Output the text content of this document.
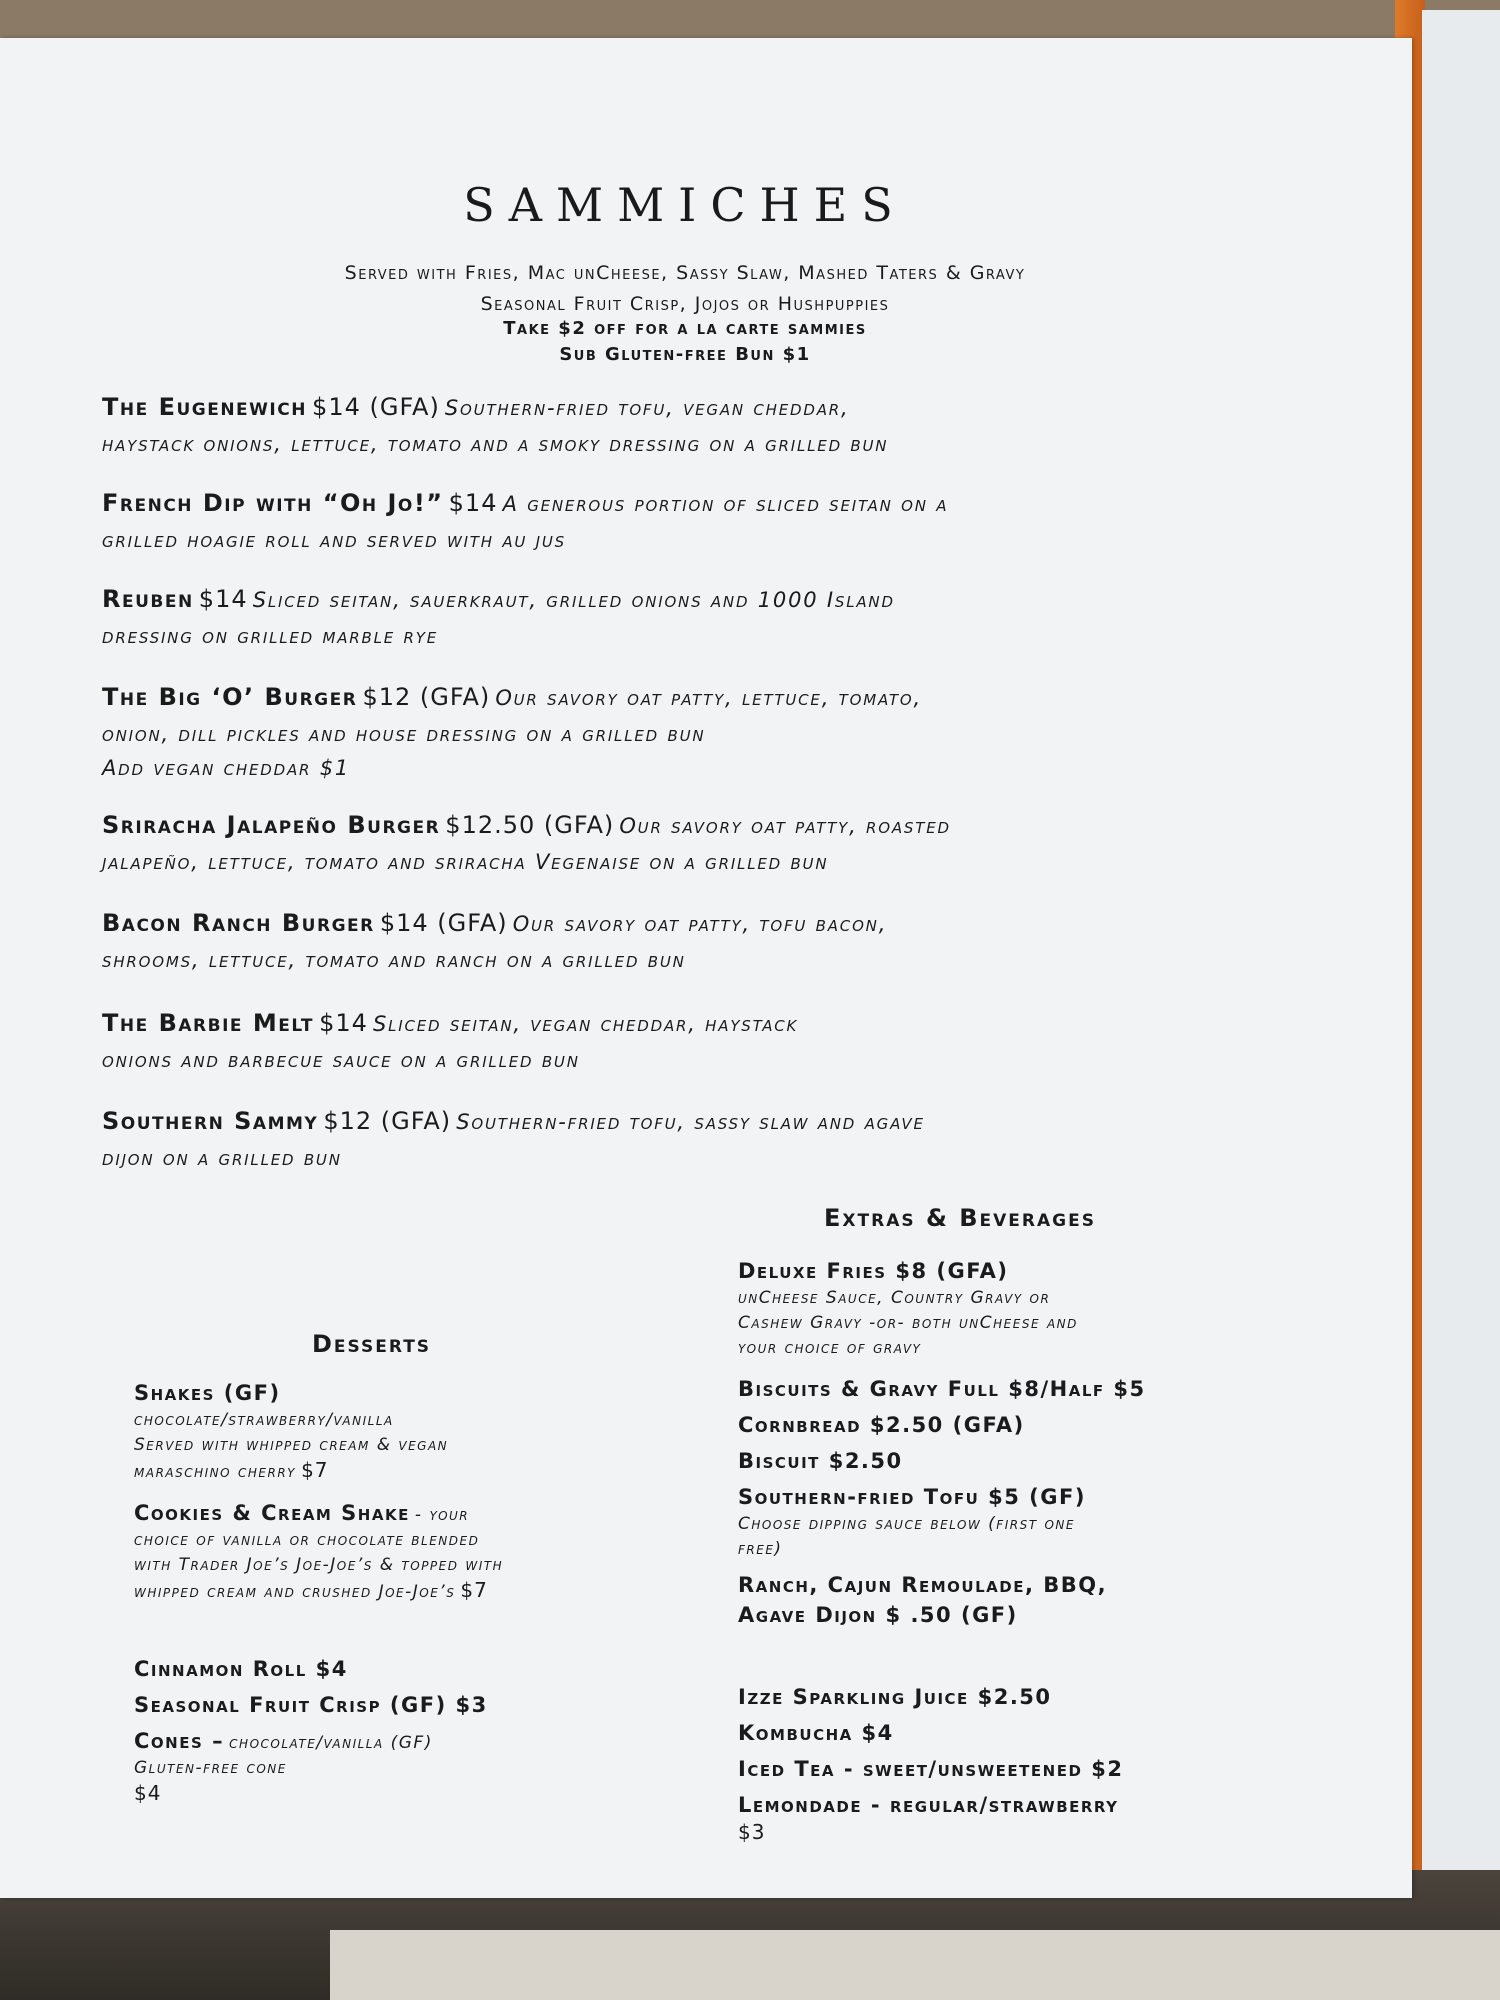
SAMMICHES
Served with Fries, Mac unCheese, Sassy Slaw, Mashed Taters & Gravy
Seasonal Fruit Crisp, Jojos or Hushpuppies
Take $2 off for a la carte sammies
Sub Gluten-free Bun $1
The Eugenewich $14 (GFA) Southern-fried tofu, vegan cheddar,
haystack onions, lettuce, tomato and a smoky dressing on a grilled bun
French Dip with “Oh Jo!” $14 A generous portion of sliced seitan on a
grilled hoagie roll and served with au jus
Reuben $14 Sliced seitan, sauerkraut, grilled onions and 1000 Island
dressing on grilled marble rye
The Big ‘O’ Burger $12 (GFA) Our savory oat patty, lettuce, tomato,
onion, dill pickles and house dressing on a grilled bun
Add vegan cheddar $1
Sriracha Jalapeño Burger $12.50 (GFA) Our savory oat patty, roasted
jalapeño, lettuce, tomato and sriracha Vegenaise on a grilled bun
Bacon Ranch Burger $14 (GFA) Our savory oat patty, tofu bacon,
shrooms, lettuce, tomato and ranch on a grilled bun
The Barbie Melt $14 Sliced seitan, vegan cheddar, haystack
onions and barbecue sauce on a grilled bun
Southern Sammy $12 (GFA) Southern-fried tofu, sassy slaw and agave
dijon on a grilled bun
Extras & Beverages
Deluxe Fries $8 (GFA)
unCheese Sauce, Country Gravy or
Cashew Gravy -or- both unCheese and
your choice of gravy
Biscuits & Gravy Full $8/Half $5
Cornbread $2.50 (GFA)
Biscuit $2.50
Southern-fried Tofu $5 (GF)
Choose dipping sauce below (first one
free)
Ranch, Cajun Remoulade, BBQ,
Agave Dijon $ .50 (GF)
Izze Sparkling Juice $2.50
Kombucha $4
Iced Tea - sweet/unsweetened $2
Lemondade - regular/strawberry
$3
Desserts
Shakes (GF)
chocolate/strawberry/vanilla
Served with whipped cream & vegan
maraschino cherry $7
Cookies & Cream Shake - your
choice of vanilla or chocolate blended
with Trader Joe’s Joe-Joe’s & topped with
whipped cream and crushed Joe-Joe’s $7
Cinnamon Roll $4
Seasonal Fruit Crisp (GF) $3
Cones – chocolate/vanilla (GF)
Gluten-free cone
$4
